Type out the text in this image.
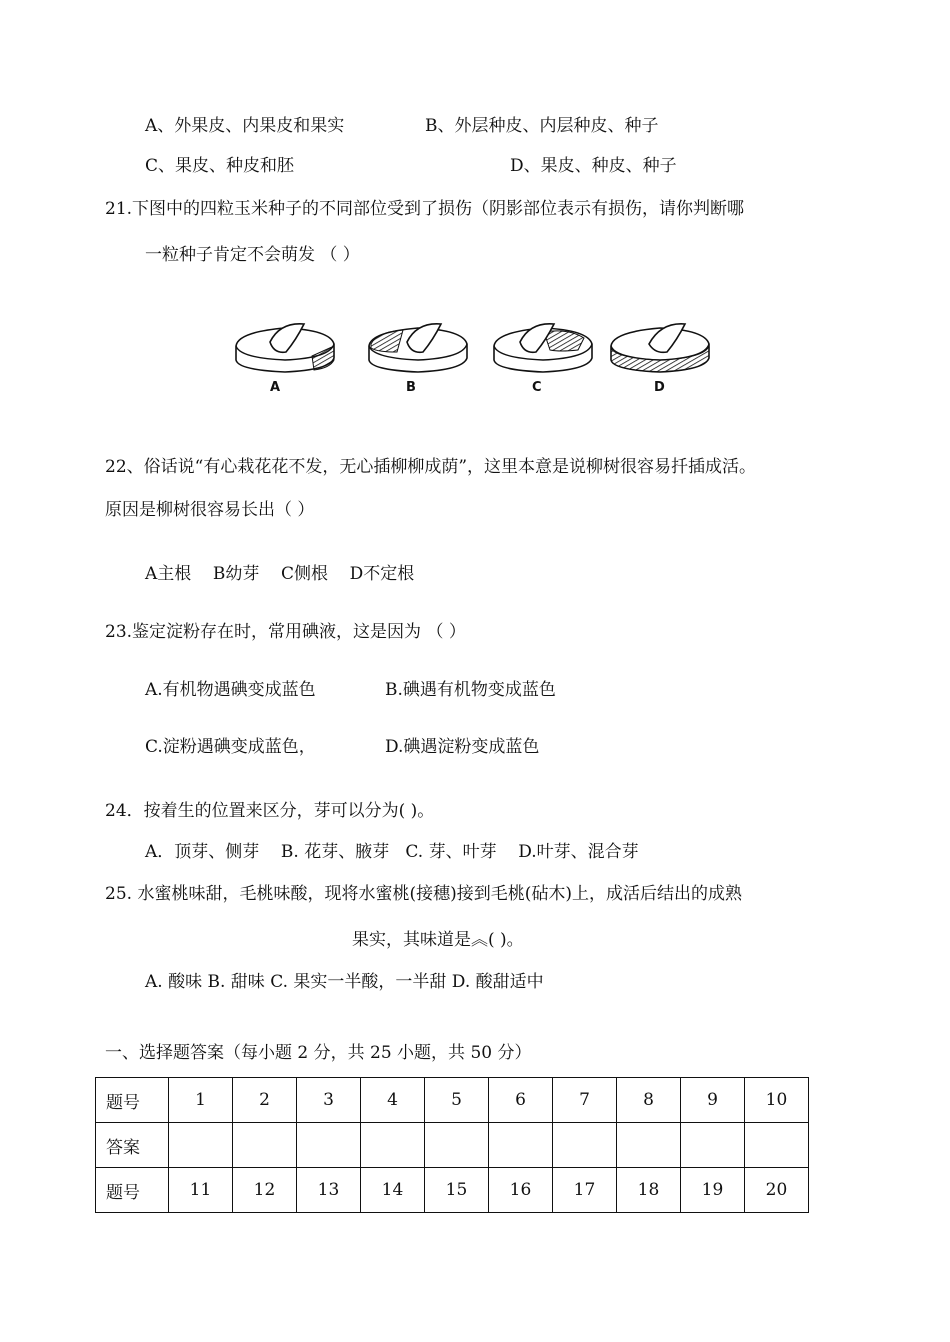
A、外果皮、内果皮和果实	B、外层种皮、内层种皮、种子
C、果皮、种皮和胚	D、果皮、种皮、种子
21.下图中的四粒玉米种子的不同部位受到了损伤（阴影部位表示有损伤，请你判断哪
一粒种子肯定不会萌发 （ ）
A	B	C	D
22、俗话说“有心栽花花不发，无心插柳柳成荫”，这里本意是说柳树很容易扦插成活。
原因是柳树很容易长出（ ）
A主根    B幼芽    C侧根    D不定根
23.鉴定淀粉存在时，常用碘液，这是因为 （ ）
A.有机物遇碘变成蓝色	B.碘遇有机物变成蓝色
C.淀粉遇碘变成蓝色，	D.碘遇淀粉变成蓝色
24．按着生的位置来区分，芽可以分为( )。
A．顶芽、侧芽    B. 花芽、腋芽   C. 芽、叶芽    D.叶芽、混合芽
25. 水蜜桃味甜，毛桃味酸，现将水蜜桃(接穗)接到毛桃(砧木)上，成活后结出的成熟
果实，其味道是︽( )。
A. 酸味 B. 甜味 C. 果实一半酸，一半甜 D. 酸甜适中
一、选择题答案（每小题 2 分，共 25 小题，共 50 分）
题号	1	2	3	4	5	6	7	8	9	10
答案										
题号	11	12	13	14	15	16	17	18	19	20
